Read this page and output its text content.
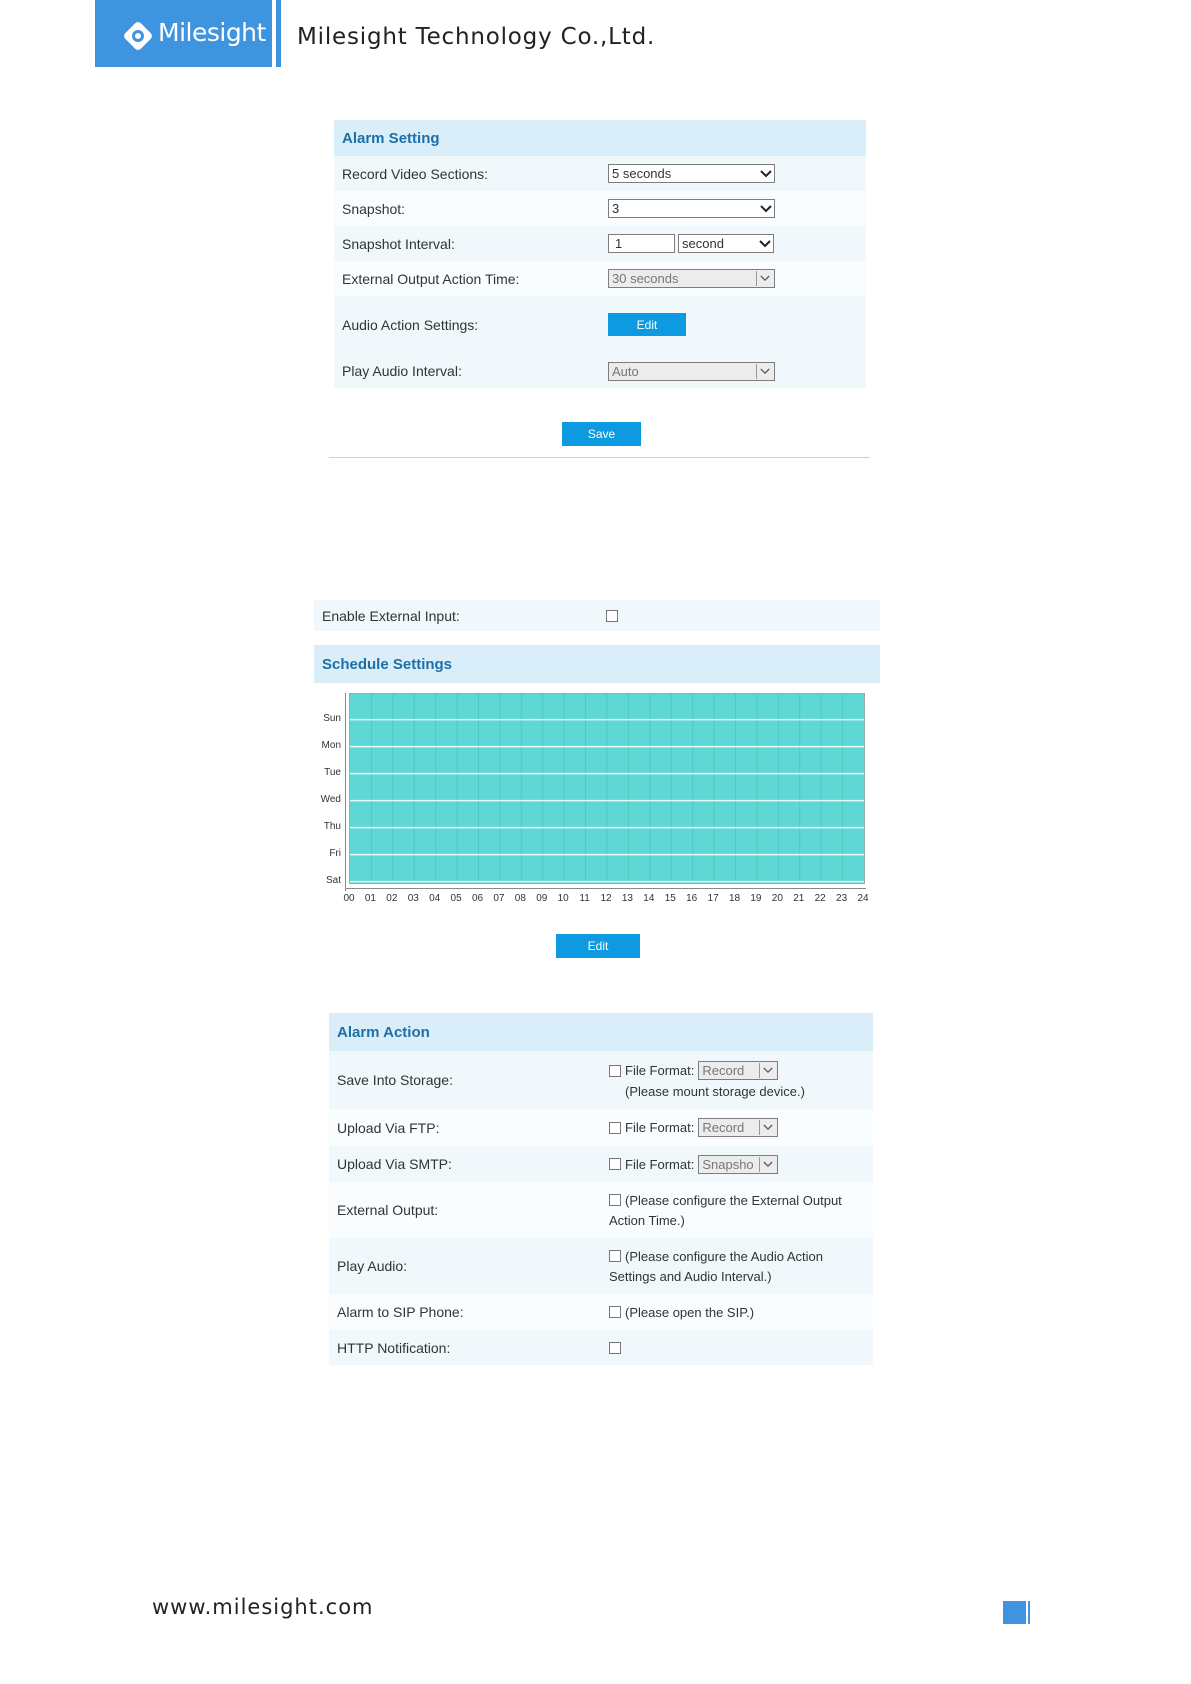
Milesight Milesight Technology Co.,Ltd.
Alarm Setting
Record Video Sections:	5 seconds
Snapshot:	3
Snapshot Interval:	1	second
External Output Action Time:	30 seconds
Audio Action Settings:	Edit
Play Audio Interval:	Auto
Save
Enable External Input:
Schedule Settings
Sun
Mon
Tue
Wed
Thu
Fri
Sat
00	01	02	03	04	05	06	07	08	09	10	11	12	13	14	15	16	17	18	19	20	21	22	23	24
Edit
Alarm Action
Save Into Storage:
File Format: Record
(Please mount storage device.)
Upload Via FTP:	File Format: Record
Upload Via SMTP:	File Format: Snapsho
External Output:
(Please configure the External Output
Action Time.)
Play Audio:
(Please configure the Audio Action
Settings and Audio Interval.)
Alarm to SIP Phone:	(Please open the SIP.)
HTTP Notification:
www.milesight.com
